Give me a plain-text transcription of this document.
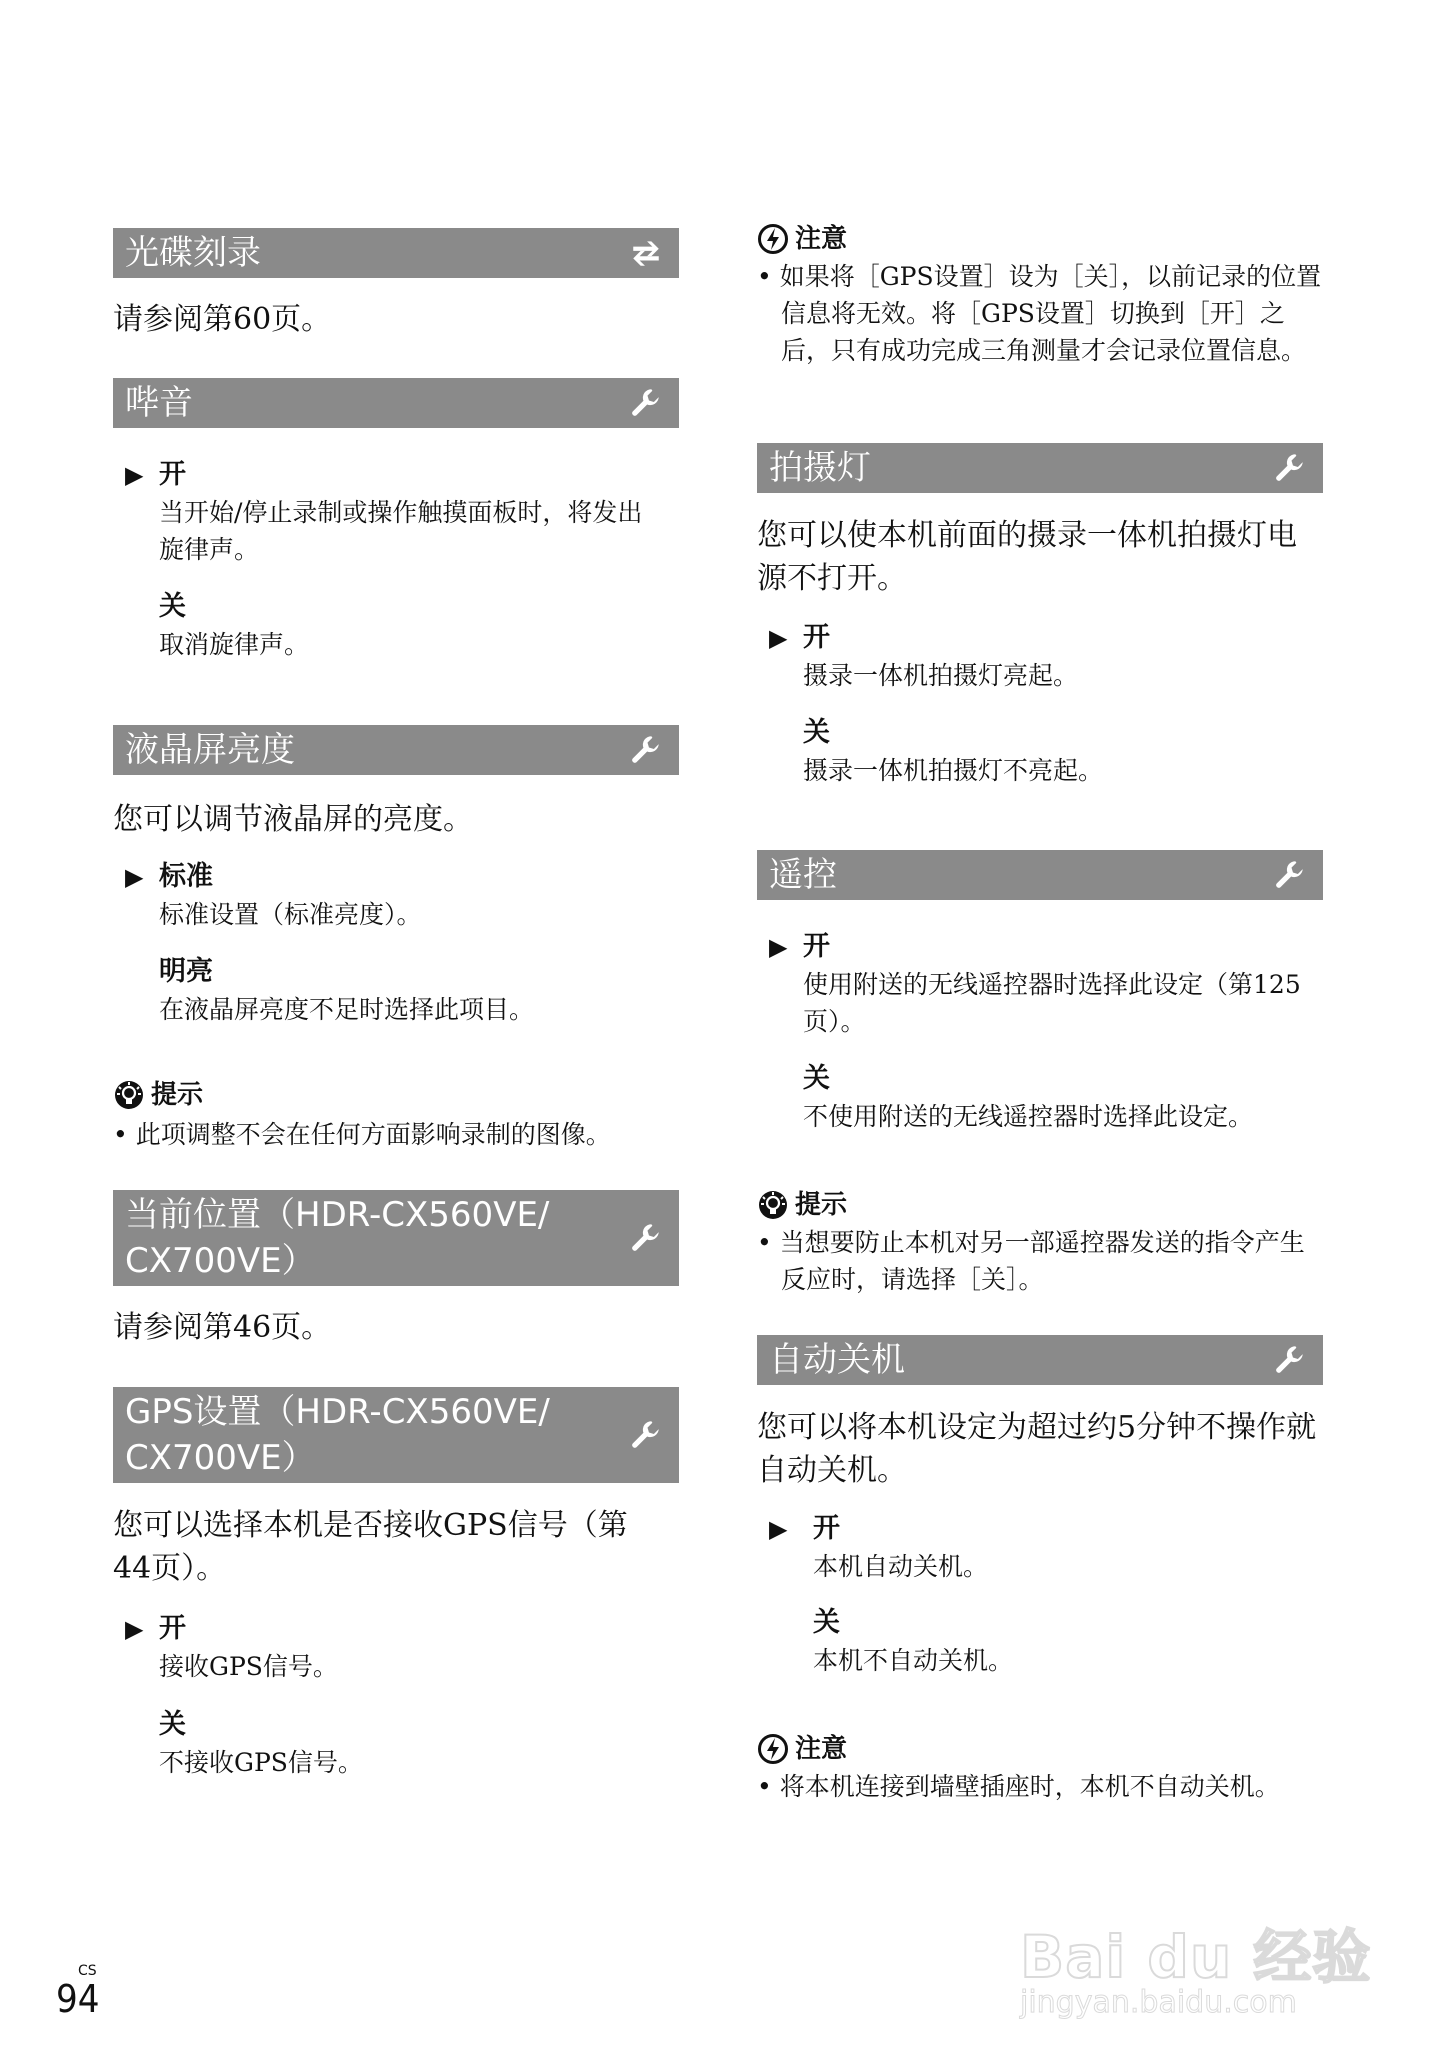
光碟刻录
请参阅第60页。
哔音
▶ 开
当开始/停止录制或操作触摸面板时，将发出旋律声。
关
取消旋律声。
液晶屏亮度
您可以调节液晶屏的亮度。
▶ 标准
标准设置（标准亮度）。
明亮
在液晶屏亮度不足时选择此项目。
提示
• 此项调整不会在任何方面影响录制的图像。
当前位置（HDR-CX560VE/
CX700VE）
请参阅第46页。
GPS设置（HDR-CX560VE/
CX700VE）
您可以选择本机是否接收GPS信号（第44页）。
▶ 开
接收GPS信号。
关
不接收GPS信号。
注意
• 如果将［GPS设置］设为［关］，以前记录的位置信息将无效。将［GPS设置］切换到［开］之后，只有成功完成三角测量才会记录位置信息。
拍摄灯
您可以使本机前面的摄录一体机拍摄灯电源不打开。
▶ 开
摄录一体机拍摄灯亮起。
关
摄录一体机拍摄灯不亮起。
遥控
▶ 开
使用附送的无线遥控器时选择此设定（第125页）。
关
不使用附送的无线遥控器时选择此设定。
提示
• 当想要防止本机对另一部遥控器发送的指令产生反应时，请选择［关］。
自动关机
您可以将本机设定为超过约5分钟不操作就自动关机。
▶ 开
本机自动关机。
关
本机不自动关机。
注意
• 将本机连接到墙壁插座时，本机不自动关机。
CS
94
Bai du 经验
jingyan.baidu.com
